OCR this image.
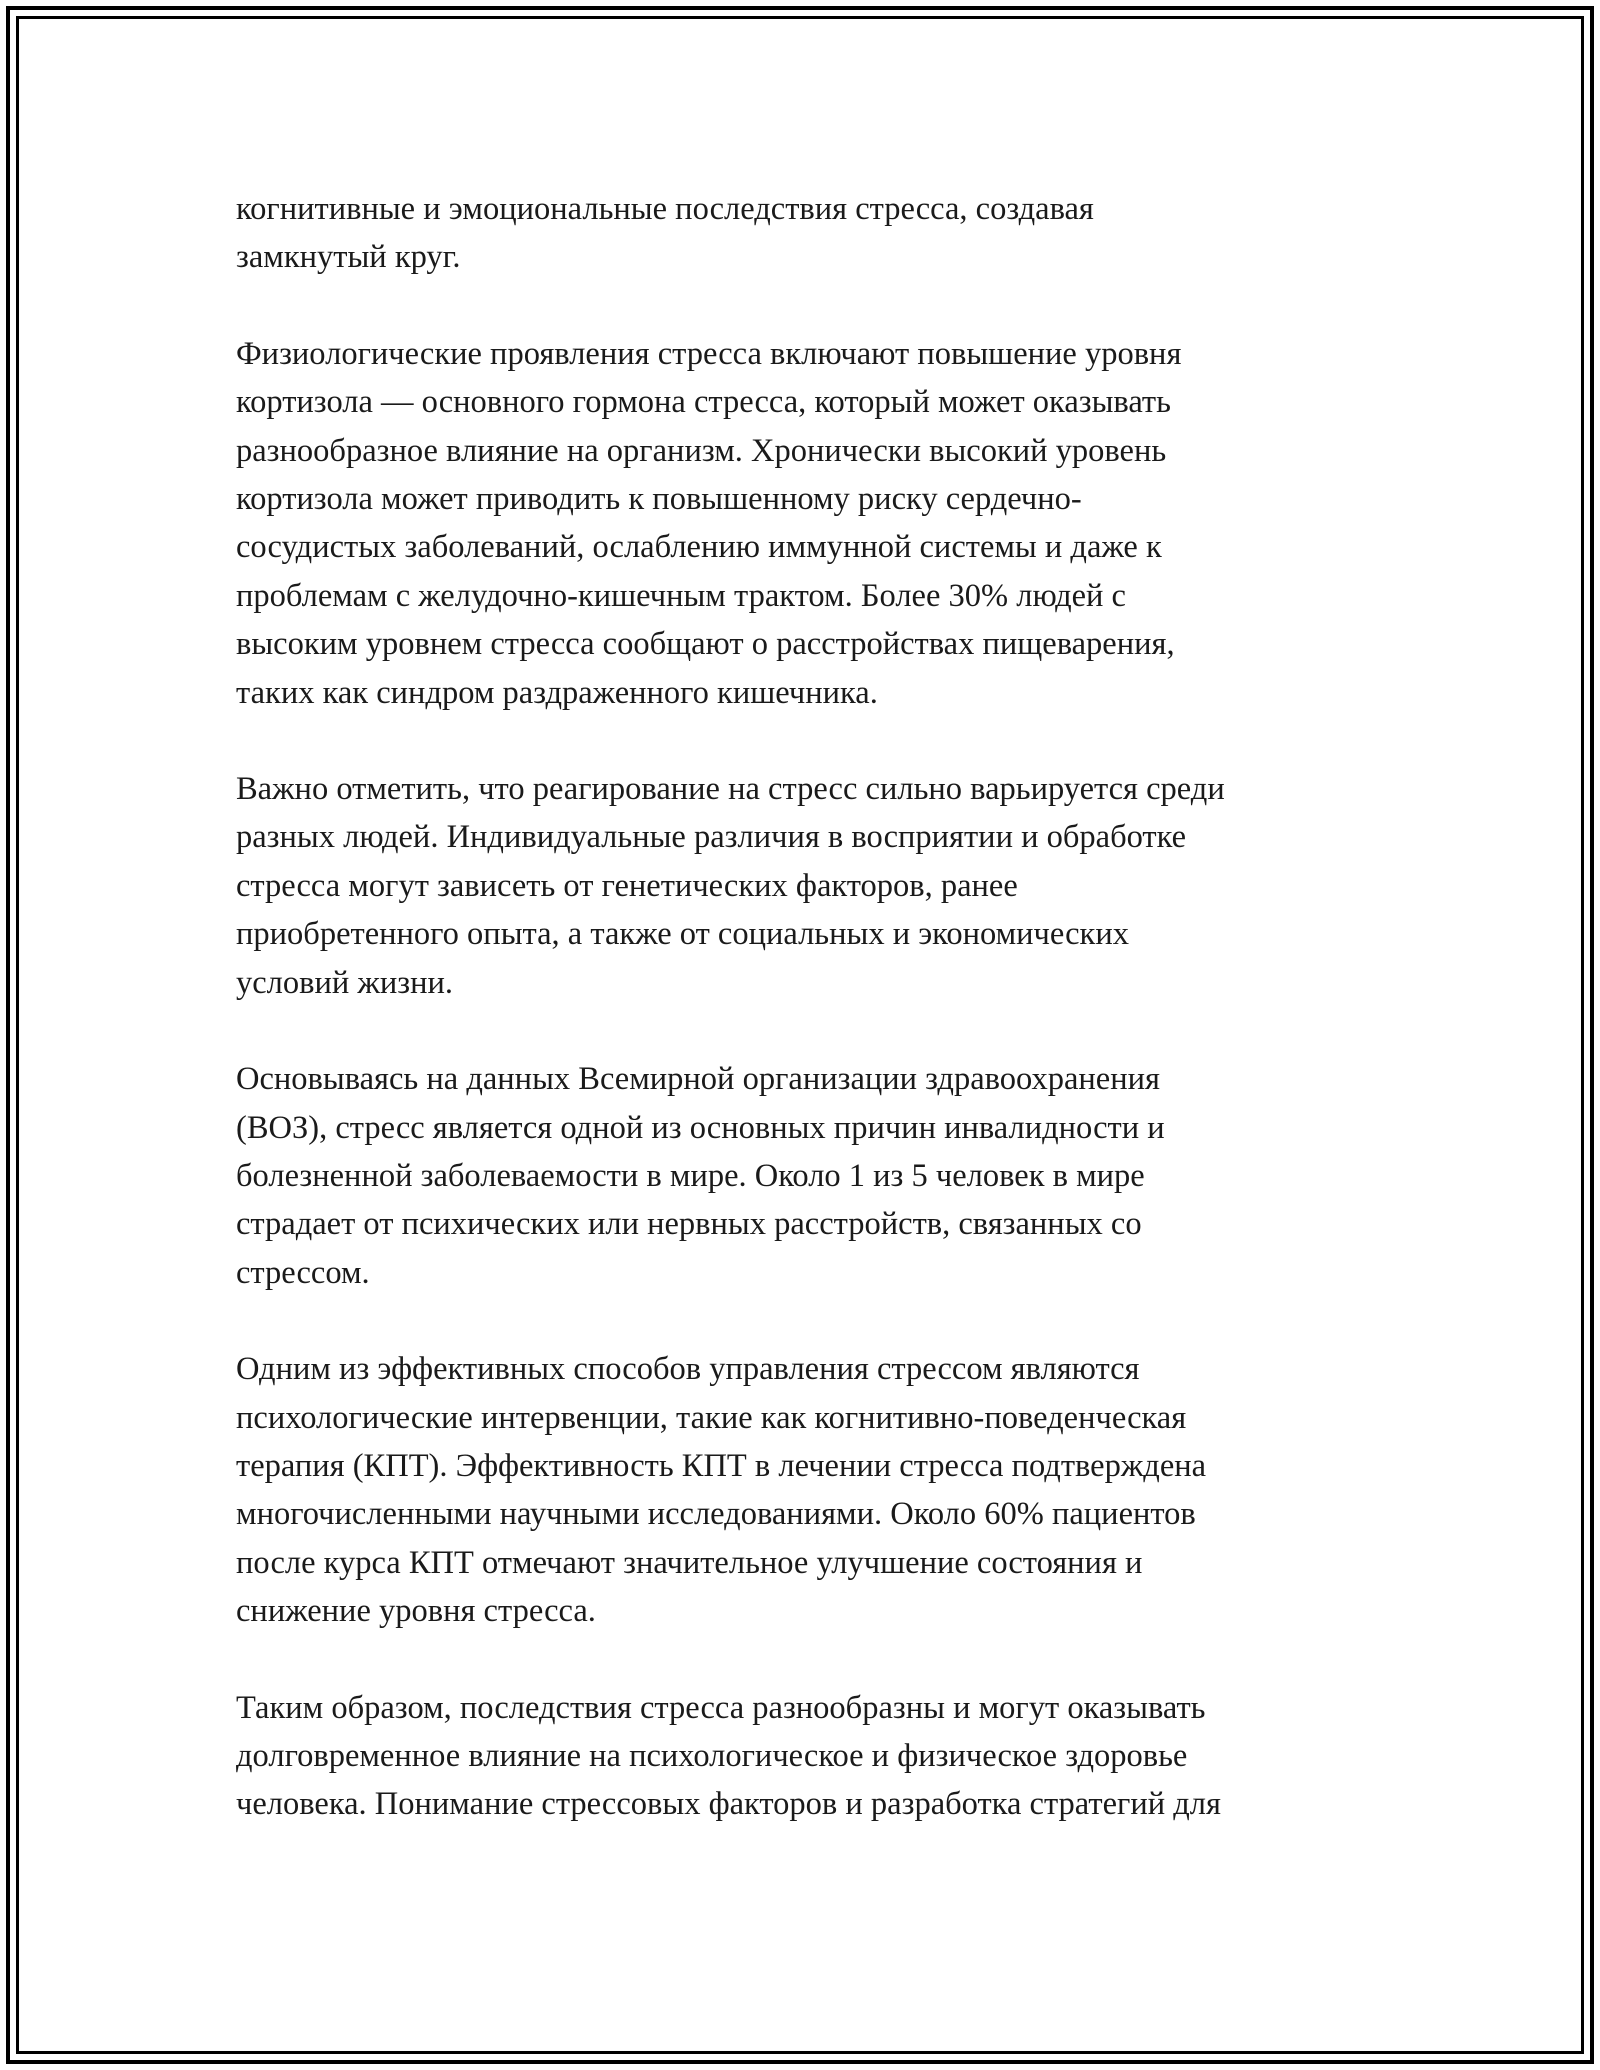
когнитивные и эмоциональные последствия стресса, создавая
замкнутый круг.
Физиологические проявления стресса включают повышение уровня
кортизола — основного гормона стресса, который может оказывать
разнообразное влияние на организм. Хронически высокий уровень
кортизола может приводить к повышенному риску сердечно-
сосудистых заболеваний, ослаблению иммунной системы и даже к
проблемам с желудочно-кишечным трактом. Более 30% людей с
высоким уровнем стресса сообщают о расстройствах пищеварения,
таких как синдром раздраженного кишечника.
Важно отметить, что реагирование на стресс сильно варьируется среди
разных людей. Индивидуальные различия в восприятии и обработке
стресса могут зависеть от генетических факторов, ранее
приобретенного опыта, а также от социальных и экономических
условий жизни.
Основываясь на данных Всемирной организации здравоохранения
(ВОЗ), стресс является одной из основных причин инвалидности и
болезненной заболеваемости в мире. Около 1 из 5 человек в мире
страдает от психических или нервных расстройств, связанных со
стрессом.
Одним из эффективных способов управления стрессом являются
психологические интервенции, такие как когнитивно-поведенческая
терапия (КПТ). Эффективность КПТ в лечении стресса подтверждена
многочисленными научными исследованиями. Около 60% пациентов
после курса КПТ отмечают значительное улучшение состояния и
снижение уровня стресса.
Таким образом, последствия стресса разнообразны и могут оказывать
долговременное влияние на психологическое и физическое здоровье
человека. Понимание стрессовых факторов и разработка стратегий для
